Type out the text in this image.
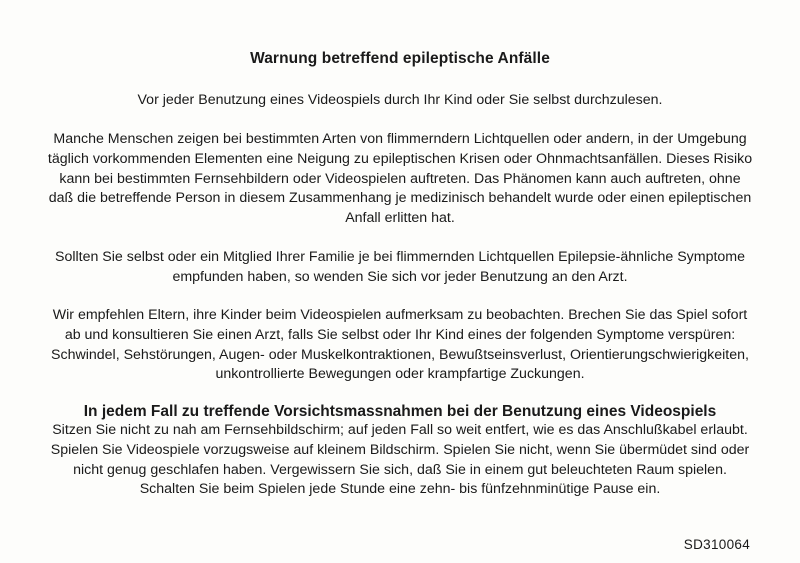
Warnung betreffend epileptische Anfälle
Vor jeder Benutzung eines Videospiels durch Ihr Kind oder Sie selbst durchzulesen.
Manche Menschen zeigen bei bestimmten Arten von flimmerndern Lichtquellen oder andern, in der Umgebung
täglich vorkommenden Elementen eine Neigung zu epileptischen Krisen oder Ohnmachtsanfällen. Dieses Risiko
kann bei bestimmten Fernsehbildern oder Videospielen auftreten. Das Phänomen kann auch auftreten, ohne
daß die betreffende Person in diesem Zusammenhang je medizinisch behandelt wurde oder einen epileptischen
Anfall erlitten hat.
Sollten Sie selbst oder ein Mitglied Ihrer Familie je bei flimmernden Lichtquellen Epilepsie-ähnliche Symptome
empfunden haben, so wenden Sie sich vor jeder Benutzung an den Arzt.
Wir empfehlen Eltern, ihre Kinder beim Videospielen aufmerksam zu beobachten. Brechen Sie das Spiel sofort
ab und konsultieren Sie einen Arzt, falls Sie selbst oder Ihr Kind eines der folgenden Symptome verspüren:
Schwindel, Sehstörungen, Augen- oder Muskelkontraktionen, Bewußtseinsverlust, Orientierungschwierigkeiten,
unkontrollierte Bewegungen oder krampfartige Zuckungen.
In jedem Fall zu treffende Vorsichtsmassnahmen bei der Benutzung eines Videospiels
Sitzen Sie nicht zu nah am Fernsehbildschirm; auf jeden Fall so weit entfert, wie es das Anschlußkabel erlaubt.
Spielen Sie Videospiele vorzugsweise auf kleinem Bildschirm. Spielen Sie nicht, wenn Sie übermüdet sind oder
nicht genug geschlafen haben. Vergewissern Sie sich, daß Sie in einem gut beleuchteten Raum spielen.
Schalten Sie beim Spielen jede Stunde eine zehn- bis fünfzehnminütige Pause ein.
SD310064
